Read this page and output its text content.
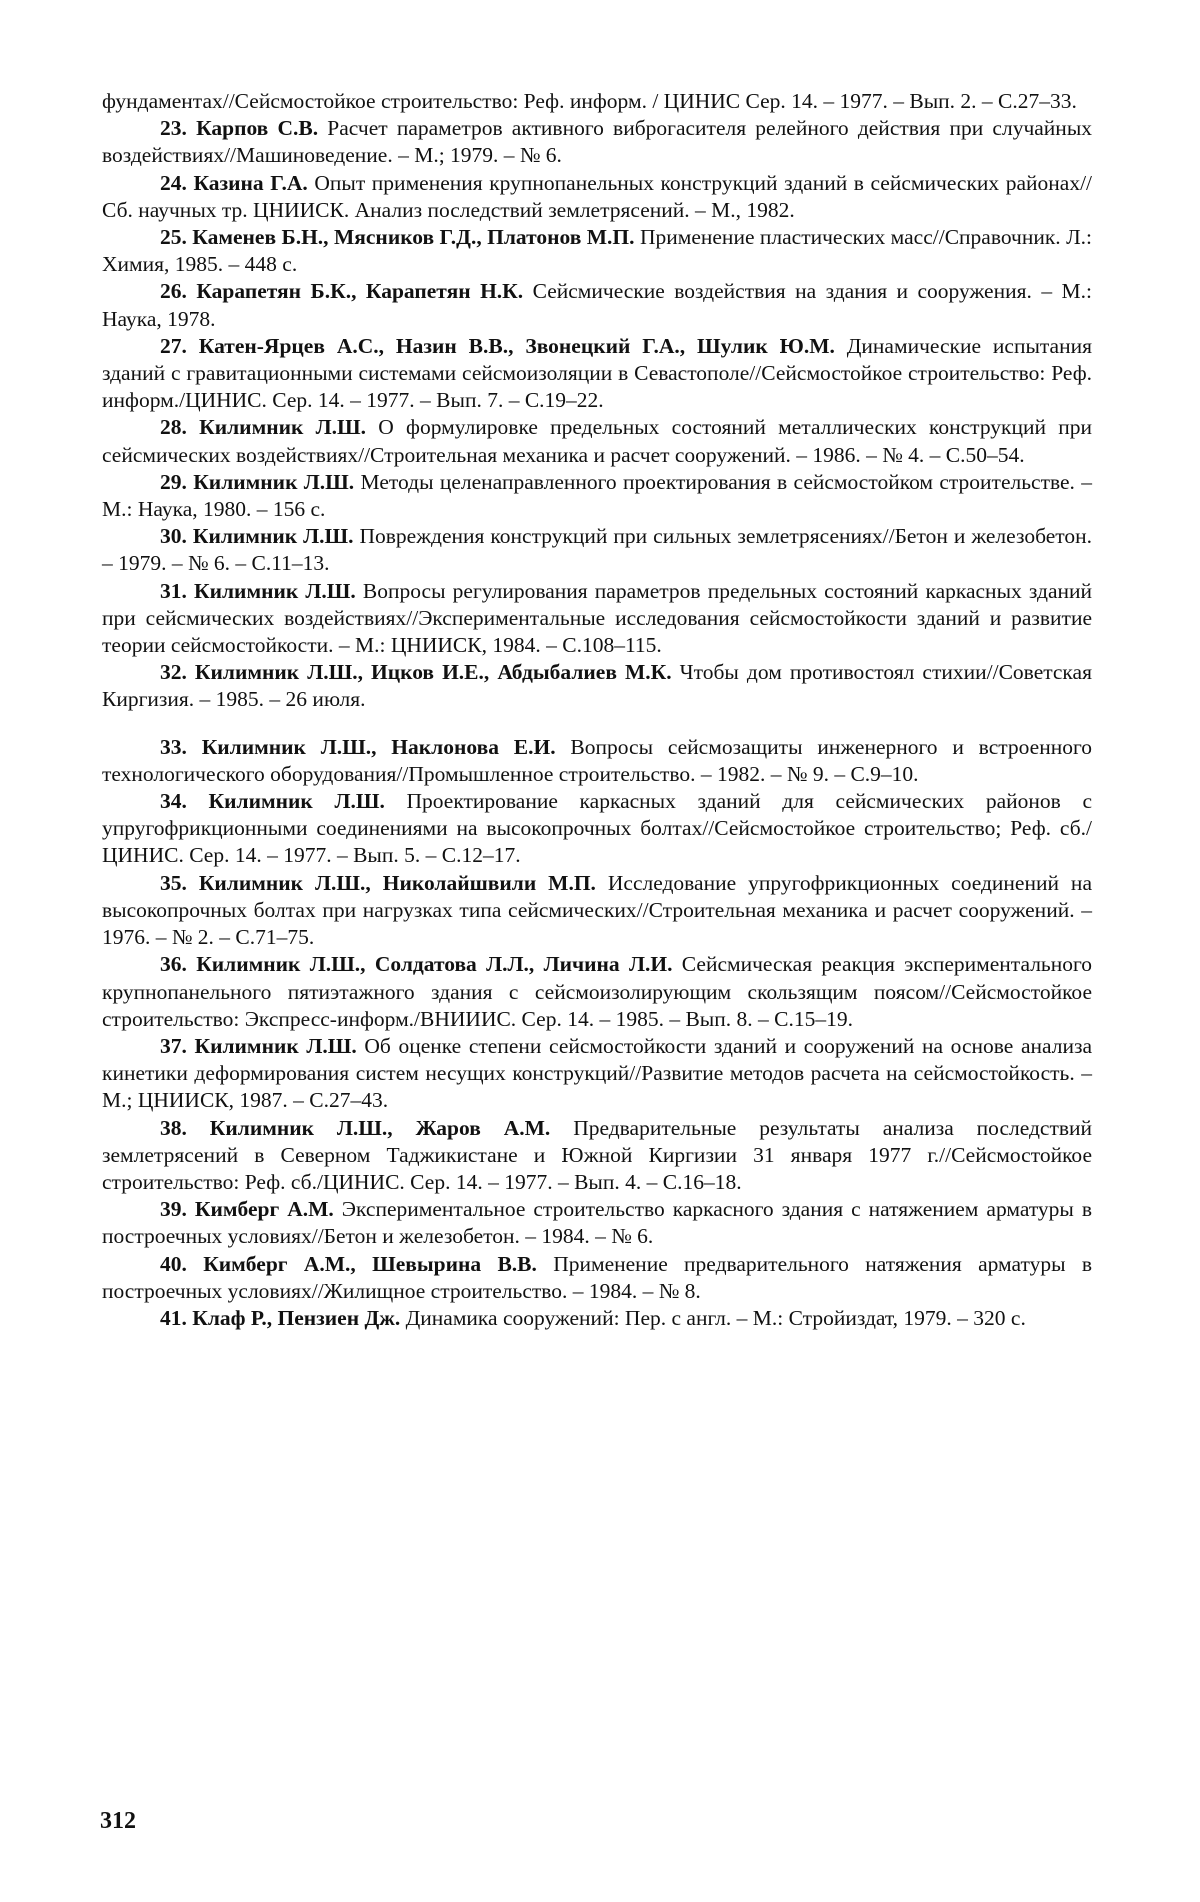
фундаментах//Сейсмостойкое строительство: Реф. информ. / ЦИНИС Сер. 14. – 1977. – Вып. 2. – С.27–33.

23. Карпов С.В. Расчет параметров активного виброгасителя релейного действия при случайных воздействиях//Машиноведение. – М.; 1979. – № 6.

24. Казина Г.А. Опыт применения крупнопанельных конструкций зданий в сейсмических районах//Сб. научных тр. ЦНИИСК. Анализ последствий землетрясений. – М., 1982.

25. Каменев Б.Н., Мясников Г.Д., Платонов М.П. Применение пластических масс//Справочник. Л.: Химия, 1985. – 448 с.

26. Карапетян Б.К., Карапетян Н.К. Сейсмические воздействия на здания и сооружения. – М.: Наука, 1978.

27. Катен-Ярцев А.С., Назин В.В., Звонецкий Г.А., Шулик Ю.М. Динамические испытания зданий с гравитационными системами сейсмоизоляции в Севастополе//Сейсмостойкое строительство: Реф. информ./ЦИНИС. Сер. 14. – 1977. – Вып. 7. – С.19–22.

28. Килимник Л.Ш. О формулировке предельных состояний металлических конструкций при сейсмических воздействиях//Строительная механика и расчет сооружений. – 1986. – № 4. – С.50–54.

29. Килимник Л.Ш. Методы целенаправленного проектирования в сейсмостойком строительстве. – М.: Наука, 1980. – 156 с.

30. Килимник Л.Ш. Повреждения конструкций при сильных землетрясениях//Бетон и железобетон. – 1979. – № 6. – С.11–13.

31. Килимник Л.Ш. Вопросы регулирования параметров предельных состояний каркасных зданий при сейсмических воздействиях//Экспериментальные исследования сейсмостойкости зданий и развитие теории сейсмостойкости. – М.: ЦНИИСК, 1984. – С.108–115.

32. Килимник Л.Ш., Ицков И.Е., Абдыбалиев М.К. Чтобы дом противостоял стихии//Советская Киргизия. – 1985. – 26 июля.

33. Килимник Л.Ш., Наклонова Е.И. Вопросы сейсмозащиты инженерного и встроенного технологического оборудования//Промышленное строительство. – 1982. – № 9. – С.9–10.

34. Килимник Л.Ш. Проектирование каркасных зданий для сейсмических районов с упругофрикционными соединениями на высокопрочных болтах//Сейсмостойкое строительство; Реф. сб./ЦИНИС. Сер. 14. – 1977. – Вып. 5. – С.12–17.

35. Килимник Л.Ш., Николайшвили М.П. Исследование упругофрикционных соединений на высокопрочных болтах при нагрузках типа сейсмических//Строительная механика и расчет сооружений. – 1976. – № 2. – С.71–75.

36. Килимник Л.Ш., Солдатова Л.Л., Личина Л.И. Сейсмическая реакция экспериментального крупнопанельного пятиэтажного здания с сейсмоизолирующим скользящим поясом//Сейсмостойкое строительство: Экспресс-информ./ВНИИИС. Сер. 14. – 1985. – Вып. 8. – С.15–19.

37. Килимник Л.Ш. Об оценке степени сейсмостойкости зданий и сооружений на основе анализа кинетики деформирования систем несущих конструкций//Развитие методов расчета на сейсмостойкость. – М.; ЦНИИСК, 1987. – С.27–43.

38. Килимник Л.Ш., Жаров А.М. Предварительные результаты анализа последствий землетрясений в Северном Таджикистане и Южной Киргизии 31 января 1977 г.//Сейсмостойкое строительство: Реф. сб./ЦИНИС. Сер. 14. – 1977. – Вып. 4. – С.16–18.

39. Кимберг А.М. Экспериментальное строительство каркасного здания с натяжением арматуры в построечных условиях//Бетон и железобетон. – 1984. – № 6.

40. Кимберг А.М., Шевырина В.В. Применение предварительного натяжения арматуры в построечных условиях//Жилищное строительство. – 1984. – № 8.

41. Клаф Р., Пензиен Дж. Динамика сооружений: Пер. с англ. – М.: Стройиздат, 1979. – 320 с.

312
